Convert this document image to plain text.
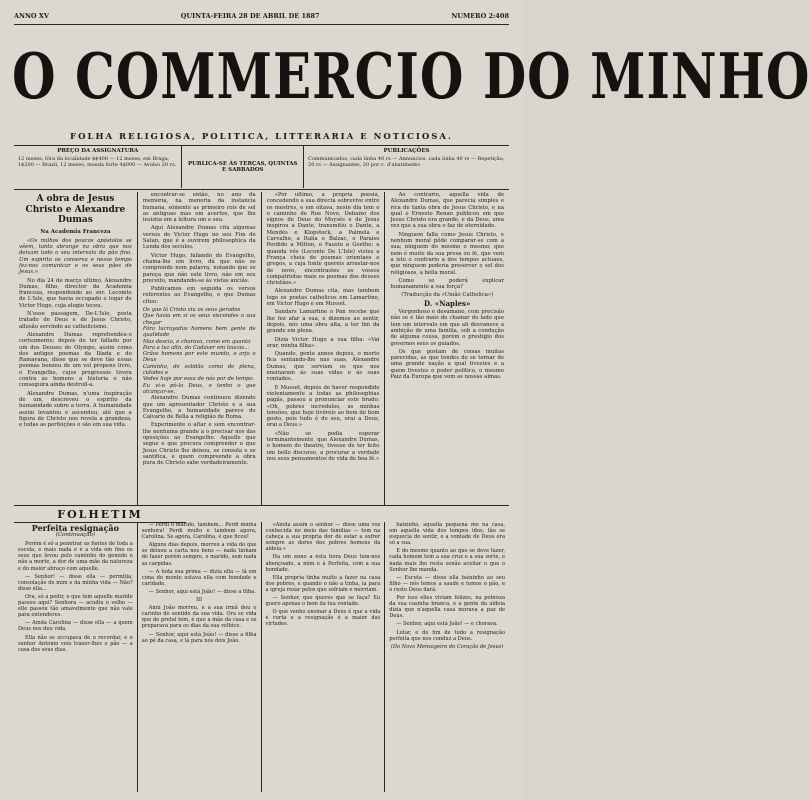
ANNO XV	QUINTA-FEIRA 28 DE ABRIL DE 1887	NUMERO 2:408
O COMMERCIO DO MINHO
FOLHA RELIGIOSA, POLITICA, LITTERARIA E NOTICIOSA.
PREÇO DA ASSIGNATURA
12 mezes, fóra da localidade $$400 — 12 mezes, em Braga, 1$200 — Brazil, 12 mezes, moeda forte 4$000 — Avulso 20 rs. PUBLICA-SE ÁS TERÇAS, QUINTAS E SABBADOS
PUBLICAÇÕES
Communicados, cada linha 40 rs — Annuncios, cada linha 40 rs — Repetição, 20 rs — Assignantes, 20 por c. d'abatimento
A obra de Jesus Christo e Alexandre Dumas
Na Academia Franceza

«Os milhos dos poucos apóstolos se vêem, tanto abrange na obra que nos deixam todo o seu intervalo do pão fino. Um espirito os conserva e nesse tempo fez-nos comunicar e os seus pães de Jesus.»

No dia 24 de março ultimo, Alexandre Dumas, filho, director da Academia franceza, respondendo ao snr. Lecomte de L'Isle, que havia occupado o logar de Victor Hugo, cuja elogio teceu.

N'esse passagem, De-L'Isle, posta tratado de Deus e de Jesus Christo, allusão servindo ao catholicismo.

Alexandre Dumas reprehendeu-o cortezmente; depois de ter fallado por um dos Deuses do Olympo, assim como dos antigos poemas da Ilíada e do Ramayana, disse que se deve tão essas poemas benzeu de um vol propeno livro, o Evangelho, cujos progressos tivera contra as homens a historia e não conseguira ainda destruil-a.

Alexandre Dumas, n'uma inspiração de um, descreveu o espirito da humanidade sobre a terra. A humanidade assim levantou e ascendeu, até que a figura de Christo nos revela a grandeza, e todas as perfeições o são em sua vida.

encontrar-se então, no ano da memoria, na menoria da instancia humana, sómente as primeiro rois de sol as antiguas mas em acertos, que lhe insistia em a leitura um e seu.

Aqui Alexandre Dumas cita algumas versos de Victor Hugo no seu Fim de Satan, que é a ouvirem philosophica da Lenda dos seculos.

Victor Hugo, fallando do Evangelho, chama-lhe um livro, dá que não se comprende nem palavra, notando que se pareça que não este livro, não em seu preceito, mandando-se ás vistas anciãs.

Publicamos em seguida os versos referentes ao Evangelho, e que Dumas citou:

Os que lá Cristo viu os seus gerados

Que havia em si os seus viscondes a sua chegar

Fóra lucrayadas homens bem gente de qualidade

Mas descia, e chorava, como em quanto

Para a luz alto, do Cadaver em loucas...

Grãos homens por este mundo, o arjo o Deus

Caminho, de solidão como de plena, cidades e

Vedes hoje por essa de nós por de tempo.

Eu vi-o pô-lo Deus, e tenho o que alcançar-se.

Alexandre Dumas continuou dizendo que um apresentador Christo e a sua Evangelho, a humanidade parece do Calvario de Bella a religião de Roma.

Experimente o altar e sem encontrar-lhe nenhuma grande a o precisar nos das oposições ao Evangelho. Aquelle que segue e que procura comprender o que Jesus Christo lhe deixou, se consola e se santifica, e quem compreende a obra pura de Christo sabe verdadeiramente.

«Por ultimo, a propria poesia, concedendo a sua directa sobrevive entre os mestres, e em oitava, neste dia tem o o caminho de Roe Novo. Debaixo dos signos de Deus do Moysés e de Jesus inspirou a Dante, transmitiu o Dante, a Mendés e Klopstock, a Palmela e Carvalho, a Italia e Balzac, o Paraíso Perdido a Milton, o Fausto a Goethe; a quanda vós (Leconte De L'Isle) vistes a França cheia de poemas orientaes e gregos, a cuja fonte quereis arrastar-nos de novo, encontrastes os vossos compatriotas mais os poemas dos deuses christãos.»

Alexandre Dumas cita, mas tambem logo os poetas catholicos em Lamartine, em Victor Hugo e em Musset.

Sandars Lamartine o Pan recebe que lhe fez afar a sua, e dizemos ao sentir, depois, nós uma obra alta, a ter fim da grande em plena.

Dizia Victor Hugo a sua filha: «Vai orar, minha filha».

Quando, gente annos depois, o morto fica sentando-lhe nas suas, Alexandre Dumas, que serviam os que nos ensinaram ás suas vidas e ás suas vontades.

E Musset, depois de haver respondido violentamente a todas as philosophias pagãs, passou a pronunciar este brado: «Oh, pobres incredulos, as minhas tensões, que hoje tivéreis ao bem de bom gosto, pois tudo é do seu, orai a Deus, orai a Deus.»

«Não se podia esperar terminantemente, que Alexandre Dumas, o homem do theatro, tivesse de ter feito um bello discurso, a procurar a verdade nos seus pensamentos de vida de boa fé.»

Ao contrario, aquella vida de Alexandre Dumas, que parecia simples e rica de tanta obra de Jesus Christo, e na qual o Ernesto Renan publicou em que Jesus Christo era grande, e da Deus, uma vez que a sua obra o faz de eternidade.

Ninguem falla como Jesus Christo, e nenhum moral pôde comparar-se com a sua; ninguem do mesmo o mesmo; que nem é muito da sua prosa ou fé, que vem a isto o contrario a dos tempos actuaes, que ninguem poderia preserver o sol dos religiosos, a bella moral.

Como se poderá explicar humanamente a sua força?

(Traducção da «União Catholica»)

D. «Naples»

Vergonhoso e desumano, com precisão não se é tão mais de chamar do lado que tem um intervalo em que ali desvanece a ambição de uma familia, sob a condução de alguma cousa, porém o prestigio dos governos seus os guiados.

Os que gostam de coisas muitas parecidas, as que tendes de se tornar de uma grande nação a qual tivestes e a quem tivestes o poder politico, o mesmo Paiz da Europa que vem as nossas almas.

FOLHETIM
Perfeita resignação
(Continuação)

Porém é só a penetrar as fontes de toda a escola, e mais nada e é a vida em fino os seus que levou pelo caminho do gemido e não a morte, a dor de uma mãe da natureza e do maior abraço com aquelle.

— Senhor! — disse ella — permitia, consolação de mim e da minha vida — Não? disse ella...

Ora, só a pedir, o que tem aquelle marido passou aqui? Senhora — acudiu o velho — elle passou tão amavelmente que não vale para entenderes.

— Ainda Carolina — disse ella — a quem Deus nos deu vida.

Ella não se occupava de o recordar, e o senhor Antonio veio trazer-lhes o pão — a casa dos seus dias.

— Perdi o marido, tambem... Perdi minha senhora! Perdi muito e tambem agora, Carolina. Se agora, Carolina, é que ficou!

Alguns dias depois, morreu a vida do que se deixou a carta nos bens — nada tinham de fazer porém sempre, o marido, sem nada as carpidas.

— A toda sua prima — dizia ella — lá em cima do monte estava ella com bondade e caridade.

— Senhor, aqui está João! — disse a filha.

III

Anni João morreu, e a sua irmã deu o carinho do sentido da sua vida. Ora se vida que de pretal tem, é que a mãe da casa e se preparava para os dias da sua velhice.

— Senhor, aqui está João! — disse a filha ao pé da casa, e lá para nós dois João.

«Ainda assim o senhor — disse uma voz conhecida no meio das familias — tem na cabeça a sua propria dor de estar a sofrer sempre as dores dos pobres homens da aldeia.»

Ha um anno a esta hora Deus tem-nos abençoado, a mim e á Perfeita, com a sua bondade.

Ella propria tinha muito a fazer na casa dos pobres, e quando o não a tinha, ia para a igreja rezar pelos que sofriam e morriam.

— Senhor, que queres que se faça? Eu quero apenas o bem da tua vontade.

O que venho ensinar a Deus é que a vida é curta e a resignação é a maior das virtudes.

baixinho, aquella pequena me na casa, em aquella vida dos tempos idos, tão se esquecia do sentir, e a vontade de Deus era só a sua.

E do mesmo quanto ao que se deve fazer, cada homem tem a sua cruz e a sua sorte, e nada mais lhe resta senão aceitar o que o Senhor lhe manda.

— Escuta — disse ella baixinho ao seu filho — nós temos a saude e temos o pão, e o resto Deus dará.

Por isso elles viviam felizes, na pobreza da sua casinha branca, e a gente da aldeia dizia que n'aquella casa morava a paz de Deus.

— Senhor, aqui está João! — e chorava.

Lutar, e do fim de tudo a resignação perfeita que nos conduz a Deus.

(Do Novo Mensageiro do Coração de Jesus)
